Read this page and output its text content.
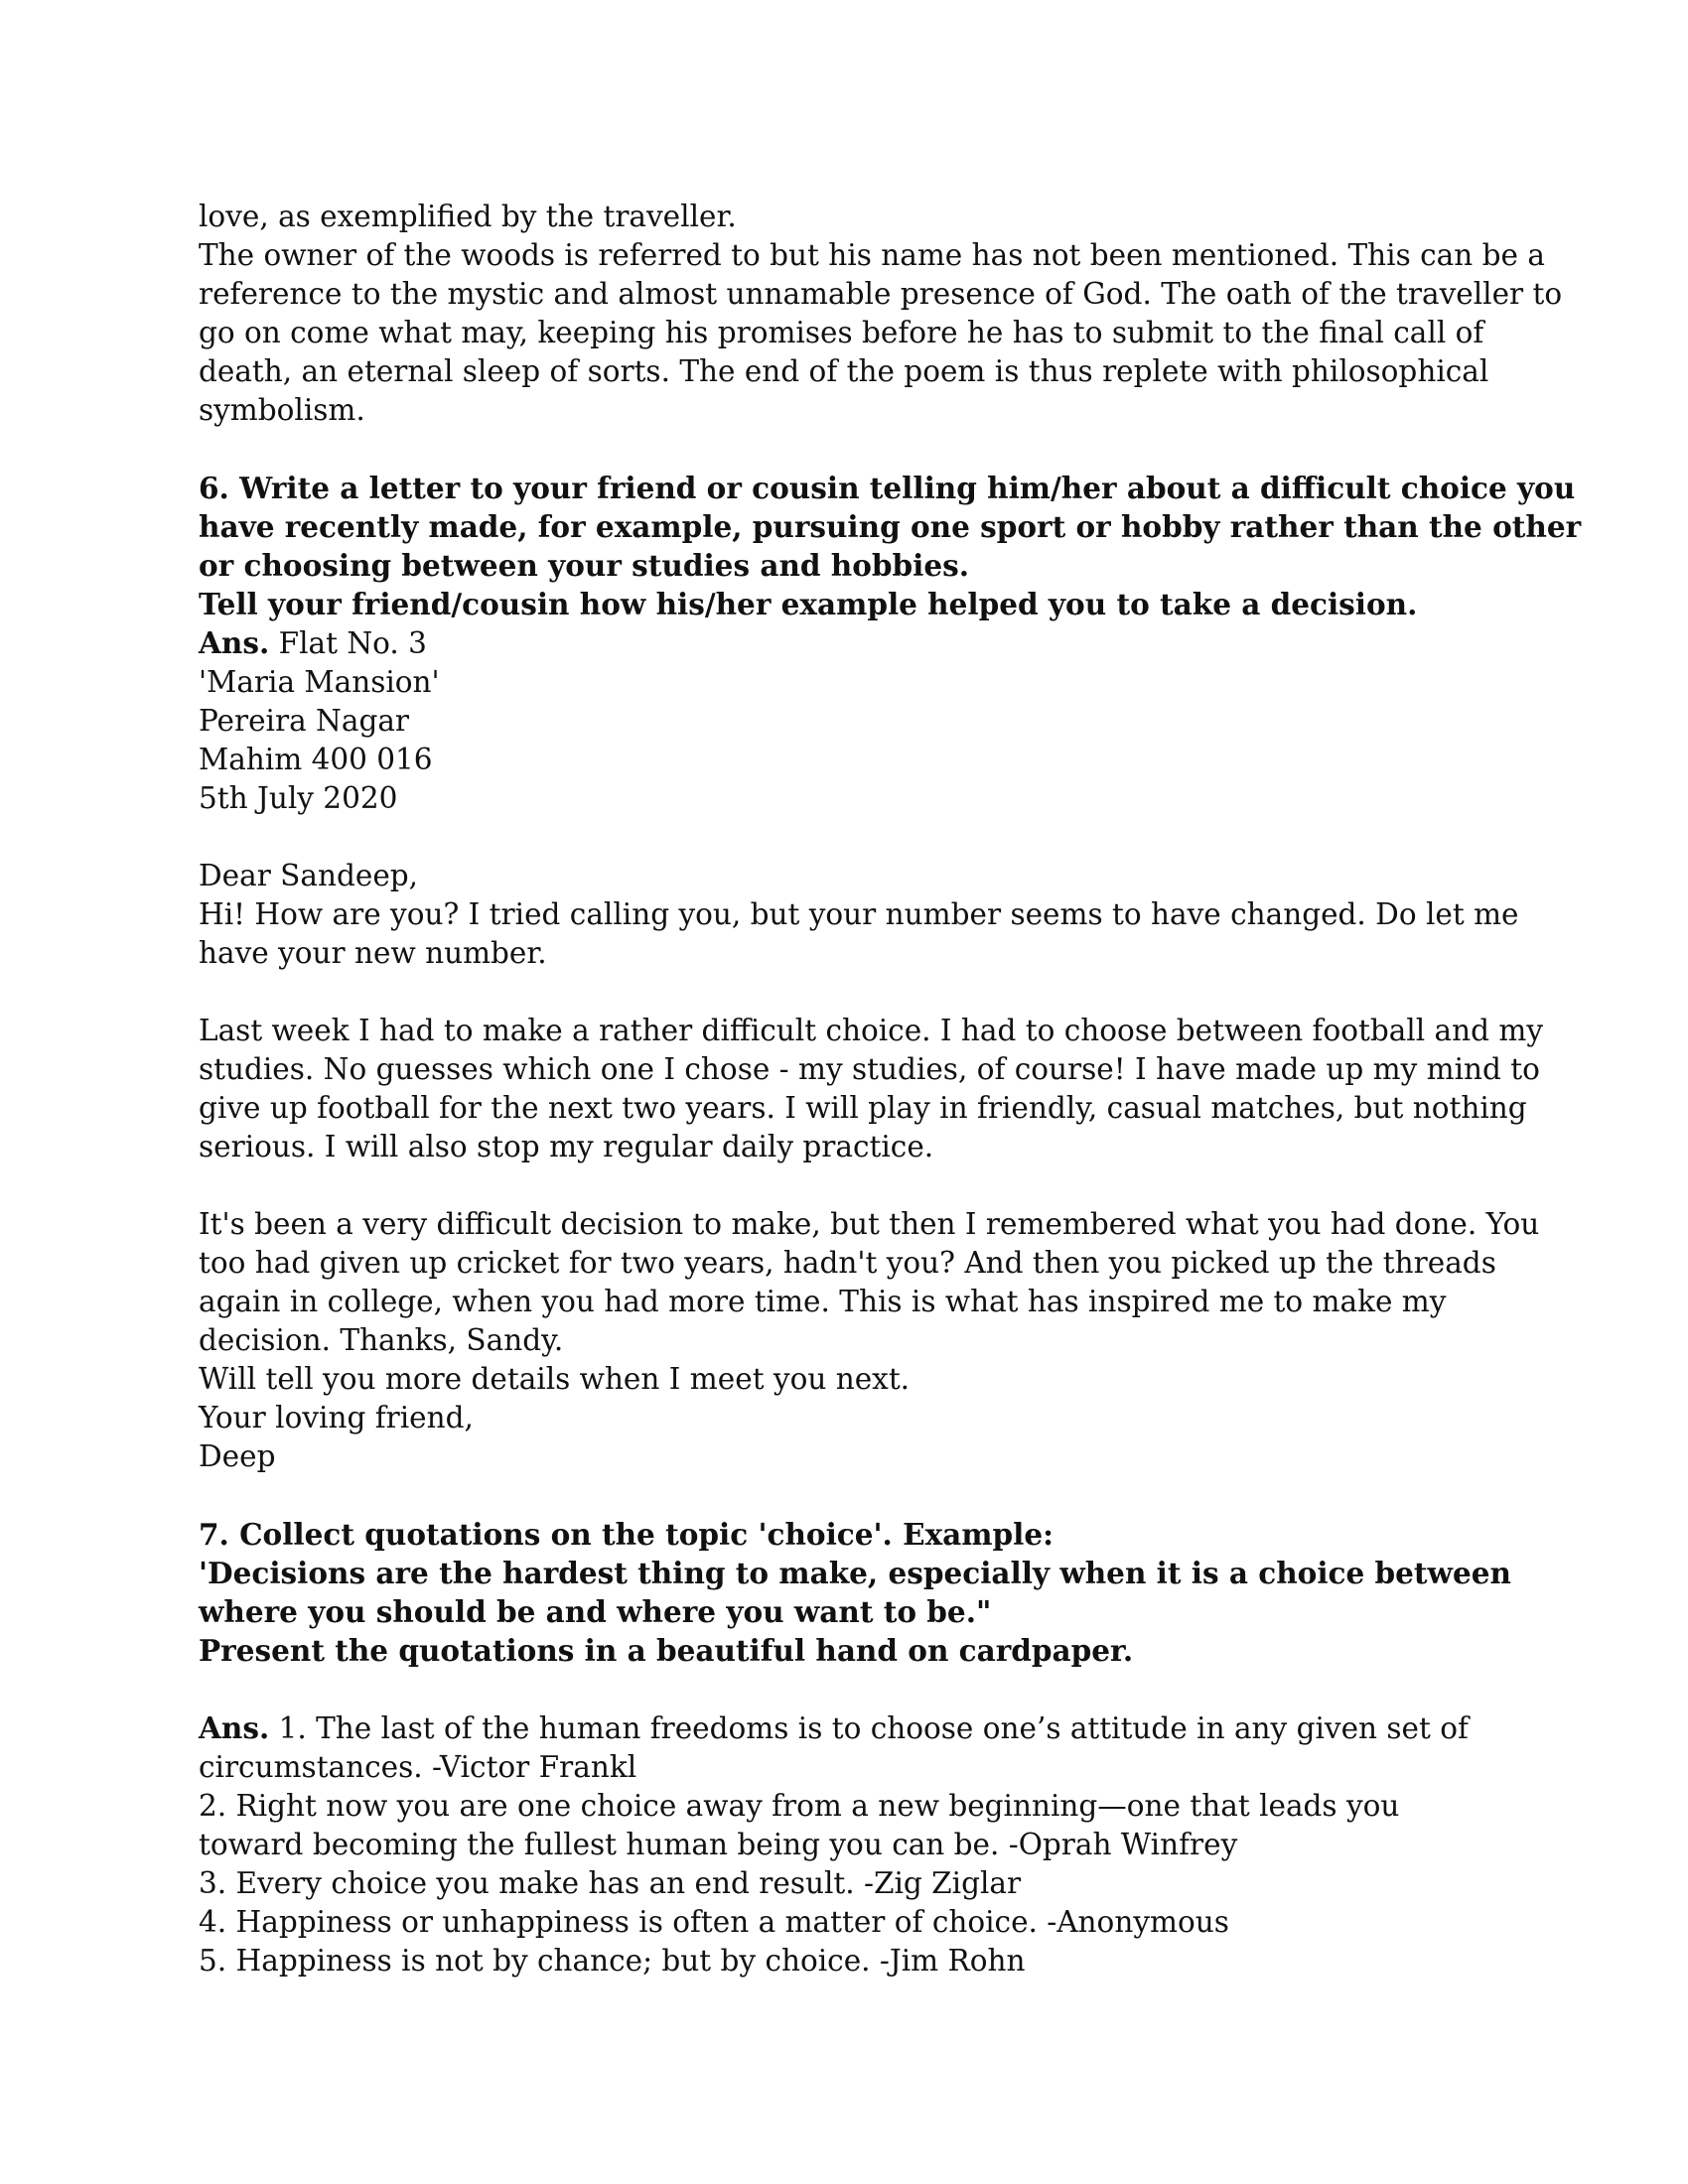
love, as exemplified by the traveller.
The owner of the woods is referred to but his name has not been mentioned. This can be a
reference to the mystic and almost unnamable presence of God. The oath of the traveller to
go on come what may, keeping his promises before he has to submit to the final call of
death, an eternal sleep of sorts. The end of the poem is thus replete with philosophical
symbolism.
6. Write a letter to your friend or cousin telling him/her about a difficult choice you
have recently made, for example, pursuing one sport or hobby rather than the other
or choosing between your studies and hobbies.
Tell your friend/cousin how his/her example helped you to take a decision.
Ans. Flat No. 3
'Maria Mansion'
Pereira Nagar
Mahim 400 016
5th July 2020
Dear Sandeep,
Hi! How are you? I tried calling you, but your number seems to have changed. Do let me
have your new number.
Last week I had to make a rather difficult choice. I had to choose between football and my
studies. No guesses which one I chose - my studies, of course! I have made up my mind to
give up football for the next two years. I will play in friendly, casual matches, but nothing
serious. I will also stop my regular daily practice.
It's been a very difficult decision to make, but then I remembered what you had done. You
too had given up cricket for two years, hadn't you? And then you picked up the threads
again in college, when you had more time. This is what has inspired me to make my
decision. Thanks, Sandy.
Will tell you more details when I meet you next.
Your loving friend,
Deep
7. Collect quotations on the topic 'choice'. Example:
'Decisions are the hardest thing to make, especially when it is a choice between
where you should be and where you want to be."
Present the quotations in a beautiful hand on cardpaper.
Ans. 1. The last of the human freedoms is to choose one’s attitude in any given set of
circumstances. -Victor Frankl
2. Right now you are one choice away from a new beginning—one that leads you
toward becoming the fullest human being you can be. -Oprah Winfrey
3. Every choice you make has an end result. -Zig Ziglar
4. Happiness or unhappiness is often a matter of choice. -Anonymous
5. Happiness is not by chance; but by choice. -Jim Rohn
